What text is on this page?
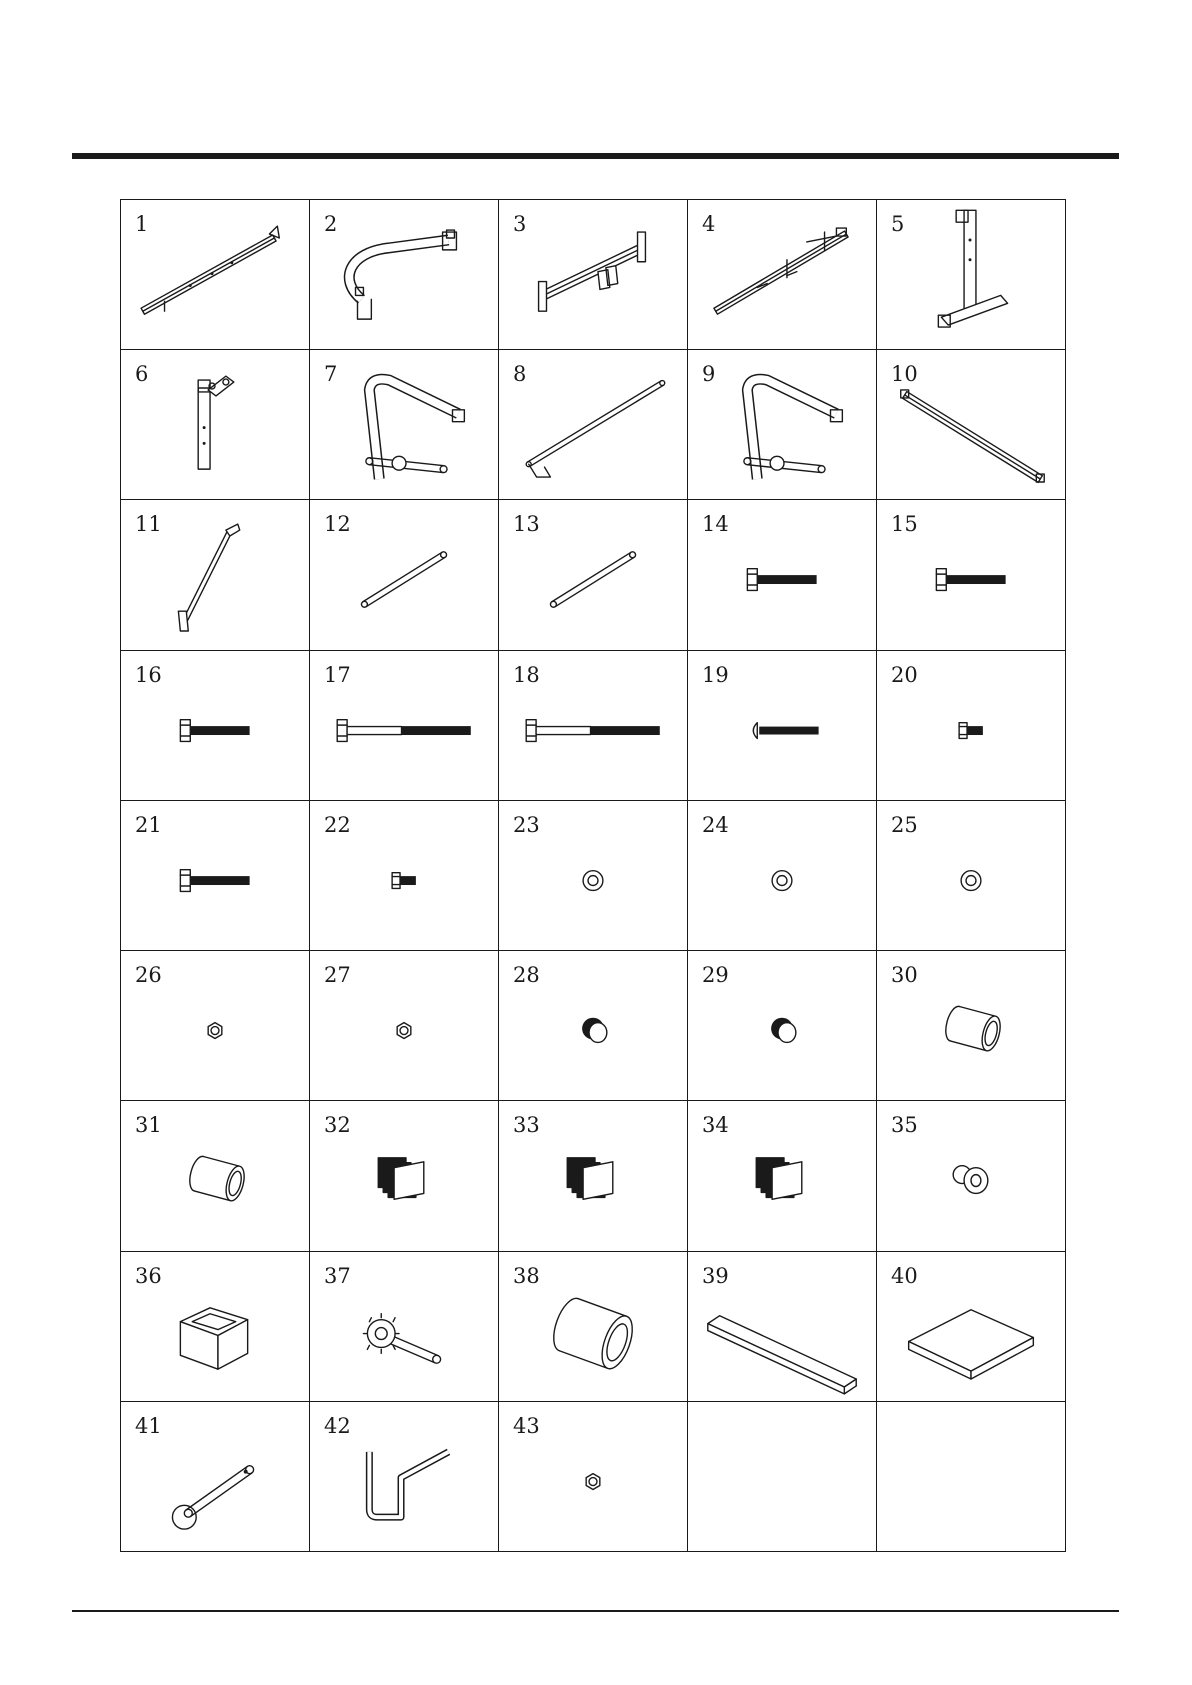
1	2	3	4	5
6	7	8	9	10
11	12	13	14	15
16	17	18	19	20
21	22	23	24	25
26	27	28	29	30
31	32	33	34	35
36	37	38	39	40
41	42	43
